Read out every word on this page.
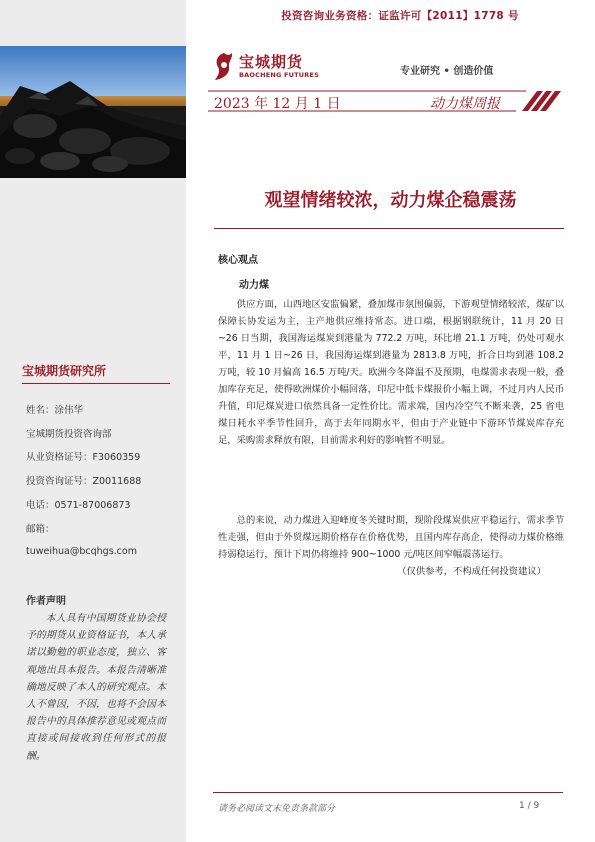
投资咨询业务资格：证监许可【2011】1778 号
宝城期货
BAOCHENG FUTURES	专业研究 • 创造价值
2023 年 12 月 1 日	动力煤周报
观望情绪较浓，动力煤企稳震荡
核心观点
动力煤
供应方面，山西地区安监偏紧，叠加煤市氛围偏弱，下游观望情绪较浓，煤矿以保障长协发运为主，主产地供应维持常态。进口端，根据钢联统计，11 月 20 日~26 日当期，我国海运煤炭到港量为 772.2 万吨，环比增 21.1 万吨，仍处可观水平，11 月 1 日~26 日，我国海运煤到港量为 2813.8 万吨，折合日均到港 108.2 万吨，较 10 月偏高 16.5 万吨/天。欧洲今冬降温不及预期，电煤需求表现一般，叠加库存充足，使得欧洲煤价小幅回落，印尼中低卡煤报价小幅上调，不过月内人民币升值，印尼煤炭进口依然具备一定性价比。需求端，国内冷空气不断来袭，25 省电煤日耗水平季节性回升，高于去年同期水平，但由于产业链中下游环节煤炭库存充足，采购需求释放有限，目前需求利好的影响暂不明显。
总的来说，动力煤进入迎峰度冬关键时期，现阶段煤炭供应平稳运行、需求季节性走强，但由于外贸煤远期价格存在价格优势，且国内库存高企，使得动力煤价格维持弱稳运行，预计下周仍将维持 900~1000 元/吨区间窄幅震荡运行。
（仅供参考，不构成任何投资建议）
宝城期货研究所
姓名：涂伟华
宝城期货投资咨询部
从业资格证号：F3060359
投资咨询证号：Z0011688
电话：0571-87006873
邮箱：
tuweihua@bcqhgs.com
作者声明
本人具有中国期货业协会授予的期货从业资格证书，本人承诺以勤勉的职业态度，独立、客观地出具本报告。本报告清晰准确地反映了本人的研究观点。本人不曾因，不因，也将不会因本报告中的具体推荐意见或观点而直接或间接收到任何形式的报酬。
请务必阅读文末免责条款部分	1 / 9
